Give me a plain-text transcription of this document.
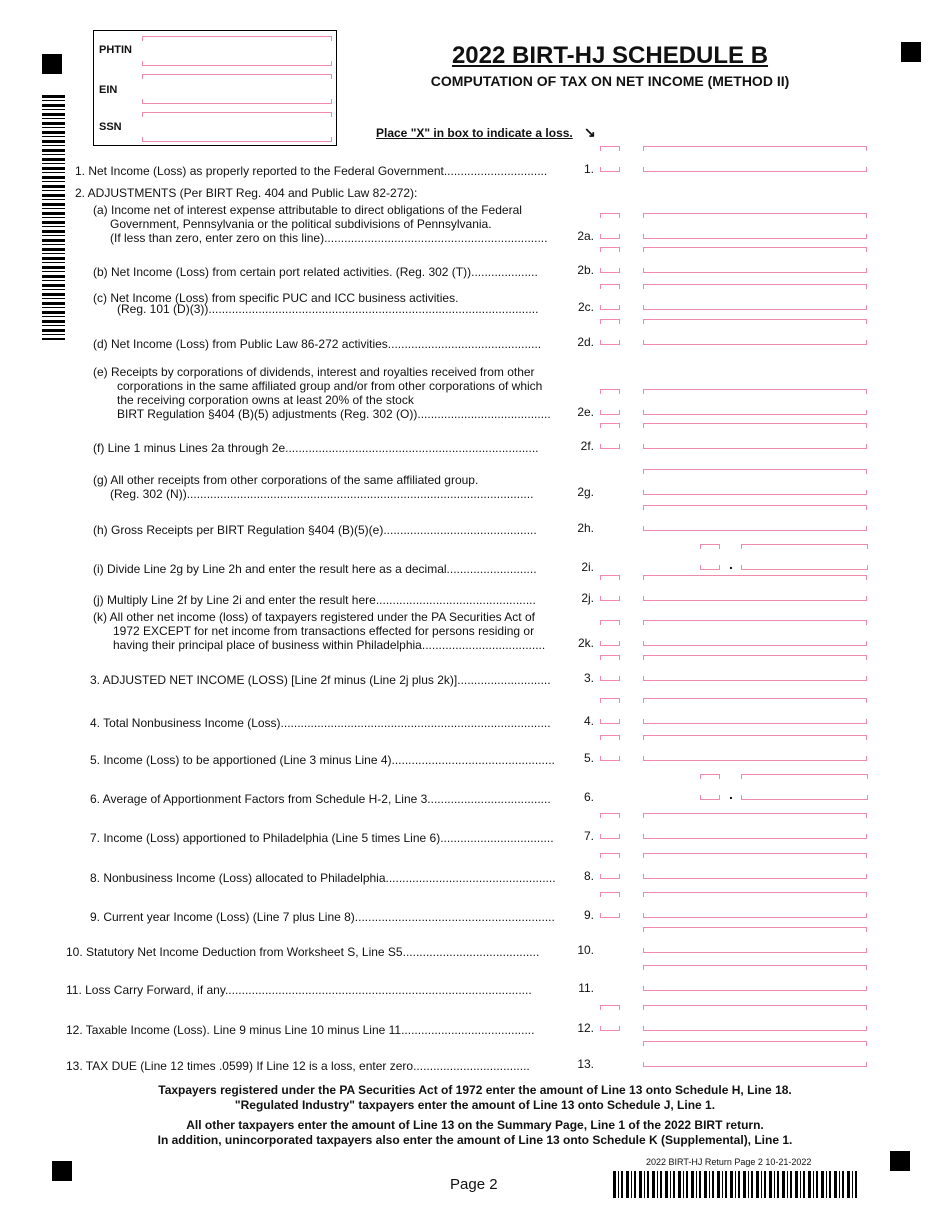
PHTIN
EIN
SSN
2022 BIRT-HJ SCHEDULE B
COMPUTATION OF TAX ON NET INCOME (METHOD II)
Place "X" in box to indicate a loss. ↘
1. Net Income (Loss) as properly reported to the Federal Government...............................	1.
2. ADJUSTMENTS (Per BIRT Reg. 404 and Public Law 82-272):
(a) Income net of interest expense attributable to direct obligations of the Federal
Government, Pennsylvania or the political subdivisions of Pennsylvania.
(If less than zero, enter zero on this line)...................................................................	2a.
(b) Net Income (Loss) from certain port related activities. (Reg. 302 (T))....................	2b.
(c) Net Income (Loss) from specific PUC and ICC business activities.
(Reg. 101 (D)(3))...................................................................................................	2c.
(d) Net Income (Loss) from Public Law 86-272 activities..............................................	2d.
(e) Receipts by corporations of dividends, interest and royalties received from other
corporations in the same affiliated group and/or from other corporations of which
the receiving corporation owns at least 20% of the stock
BIRT Regulation §404 (B)(5) adjustments (Reg. 302 (O))........................................	2e.
(f) Line 1 minus Lines 2a through 2e............................................................................	2f.
(g) All other receipts from other corporations of the same affiliated group.
(Reg. 302 (N))........................................................................................................	2g.
(h) Gross Receipts per BIRT Regulation §404 (B)(5)(e)..............................................	2h.
(i) Divide Line 2g by Line 2h and enter the result here as a decimal...........................	2i.	.
(j) Multiply Line 2f by Line 2i and enter the result here................................................	2j.
(k) All other net income (loss) of taxpayers registered under the PA Securities Act of
1972 EXCEPT for net income from transactions effected for persons residing or
having their principal place of business within Philadelphia.....................................	2k.
3. ADJUSTED NET INCOME (LOSS) [Line 2f minus (Line 2j plus 2k)]............................	3.
4. Total Nonbusiness Income (Loss).................................................................................	4.
5. Income (Loss) to be apportioned (Line 3 minus Line 4).................................................	5.
6. Average of Apportionment Factors from Schedule H-2, Line 3.....................................	6.	.
7. Income (Loss) apportioned to Philadelphia (Line 5 times Line 6)..................................	7.
8. Nonbusiness Income (Loss) allocated to Philadelphia...................................................	8.
9. Current year Income (Loss) (Line 7 plus Line 8)............................................................	9.
10. Statutory Net Income Deduction from Worksheet S, Line S5.........................................	10.
11. Loss Carry Forward, if any............................................................................................	11.
12. Taxable Income (Loss). Line 9 minus Line 10 minus Line 11........................................	12.
13. TAX DUE (Line 12 times .0599) If Line 12 is a loss, enter zero...................................	13.
Taxpayers registered under the PA Securities Act of 1972 enter the amount of Line 13 onto Schedule H, Line 18.
"Regulated Industry" taxpayers enter the amount of Line 13 onto Schedule J, Line 1.
All other taxpayers enter the amount of Line 13 on the Summary Page, Line 1 of the 2022 BIRT return.
In addition, unincorporated taxpayers also enter the amount of Line 13 onto Schedule K (Supplemental), Line 1.
2022 BIRT-HJ Return Page 2 10-21-2022
Page 2
